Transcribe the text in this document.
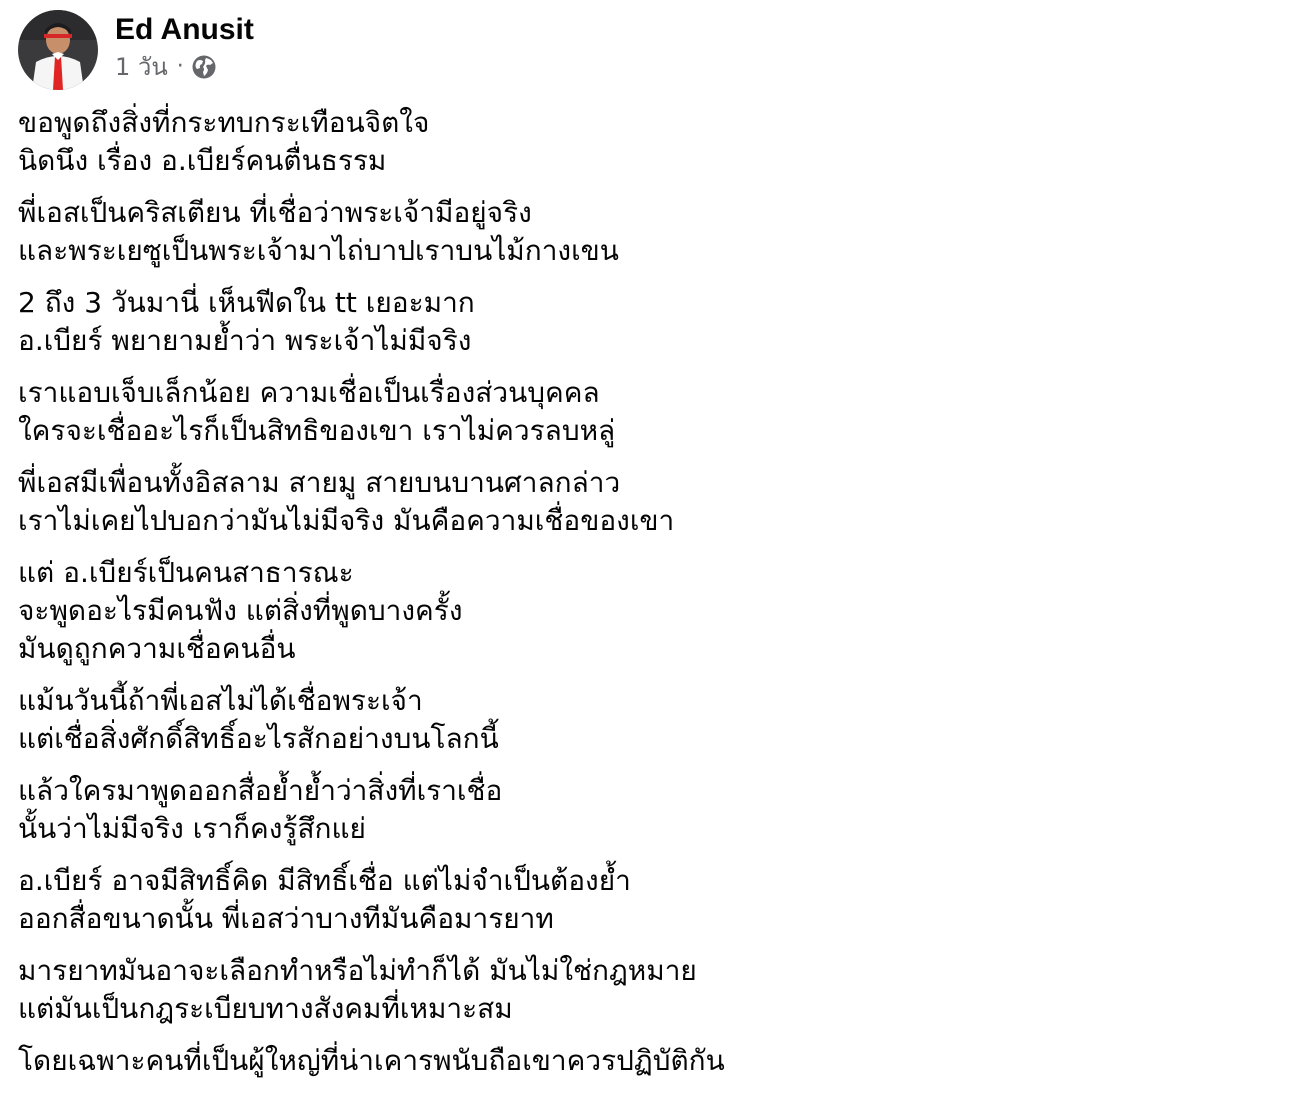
Ed Anusit
1 วัน ·

ขอพูดถึงสิ่งที่กระทบกระเทือนจิตใจ
นิดนึง เรื่อง อ.เบียร์คนตื่นธรรม

พี่เอสเป็นคริสเตียน ที่เชื่อว่าพระเจ้ามีอยู่จริง
และพระเยซูเป็นพระเจ้ามาไถ่บาปเราบนไม้กางเขน

2 ถึง 3 วันมานี่ เห็นฟีดใน tt เยอะมาก
อ.เบียร์ พยายามย้ำว่า พระเจ้าไม่มีจริง

เราแอบเจ็บเล็กน้อย ความเชื่อเป็นเรื่องส่วนบุคคล
ใครจะเชื่ออะไรก็เป็นสิทธิของเขา เราไม่ควรลบหลู่

พี่เอสมีเพื่อนทั้งอิสลาม สายมู สายบนบานศาลกล่าว
เราไม่เคยไปบอกว่ามันไม่มีจริง มันคือความเชื่อของเขา

แต่ อ.เบียร์เป็นคนสาธารณะ
จะพูดอะไรมีคนฟัง แต่สิ่งที่พูดบางครั้ง
มันดูถูกความเชื่อคนอื่น

แม้นวันนี้ถ้าพี่เอสไม่ได้เชื่อพระเจ้า
แต่เชื่อสิ่งศักดิ์สิทธิ์อะไรสักอย่างบนโลกนี้

แล้วใครมาพูดออกสื่อย้ำย้ำว่าสิ่งที่เราเชื่อ
นั้นว่าไม่มีจริง เราก็คงรู้สึกแย่

อ.เบียร์ อาจมีสิทธิ์คิด มีสิทธิ์เชื่อ แต่ไม่จำเป็นต้องย้ำ
ออกสื่อขนาดนั้น พี่เอสว่าบางทีมันคือมารยาท

มารยาทมันอาจะเลือกทำหรือไม่ทำก็ได้ มันไม่ใช่กฎหมาย
แต่มันเป็นกฎระเบียบทางสังคมที่เหมาะสม

โดยเฉพาะคนที่เป็นผู้ใหญ่ที่น่าเคารพนับถือเขาควรปฏิบัติกัน
